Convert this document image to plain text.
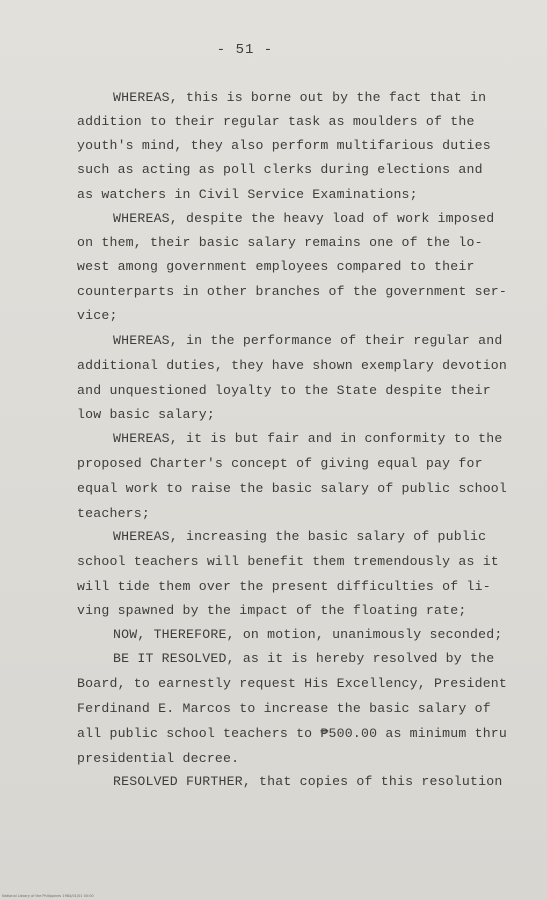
- 51 -
WHEREAS, this is borne out by the fact that in
addition to their regular task as moulders of the
youth's mind, they also perform multifarious duties
such as acting as poll clerks during elections and
as watchers in Civil Service Examinations;
WHEREAS, despite the heavy load of work imposed
on them, their basic salary remains one of the lo-
west among government employees compared to their
counterparts in other branches of the government ser-
vice;
WHEREAS, in the performance of their regular and
additional duties, they have shown exemplary devotion
and unquestioned loyalty to the State despite their
low basic salary;
WHEREAS, it is but fair and in conformity to the
proposed Charter's concept of giving equal pay for
equal work to raise the basic salary of public school
teachers;
WHEREAS, increasing the basic salary of public
school teachers will benefit them tremendously as it
will tide them over the present difficulties of li-
ving spawned by the impact of the floating rate;
NOW, THEREFORE, on motion, unanimously seconded;
BE IT RESOLVED, as it is hereby resolved by the
Board, to earnestly request His Excellency, President
Ferdinand E. Marcos to increase the basic salary of
all public school teachers to ₱500.00 as minimum thru
presidential decree.
RESOLVED FURTHER, that copies of this resolution
National Library of the Philippines 1984/01/01 00:00
